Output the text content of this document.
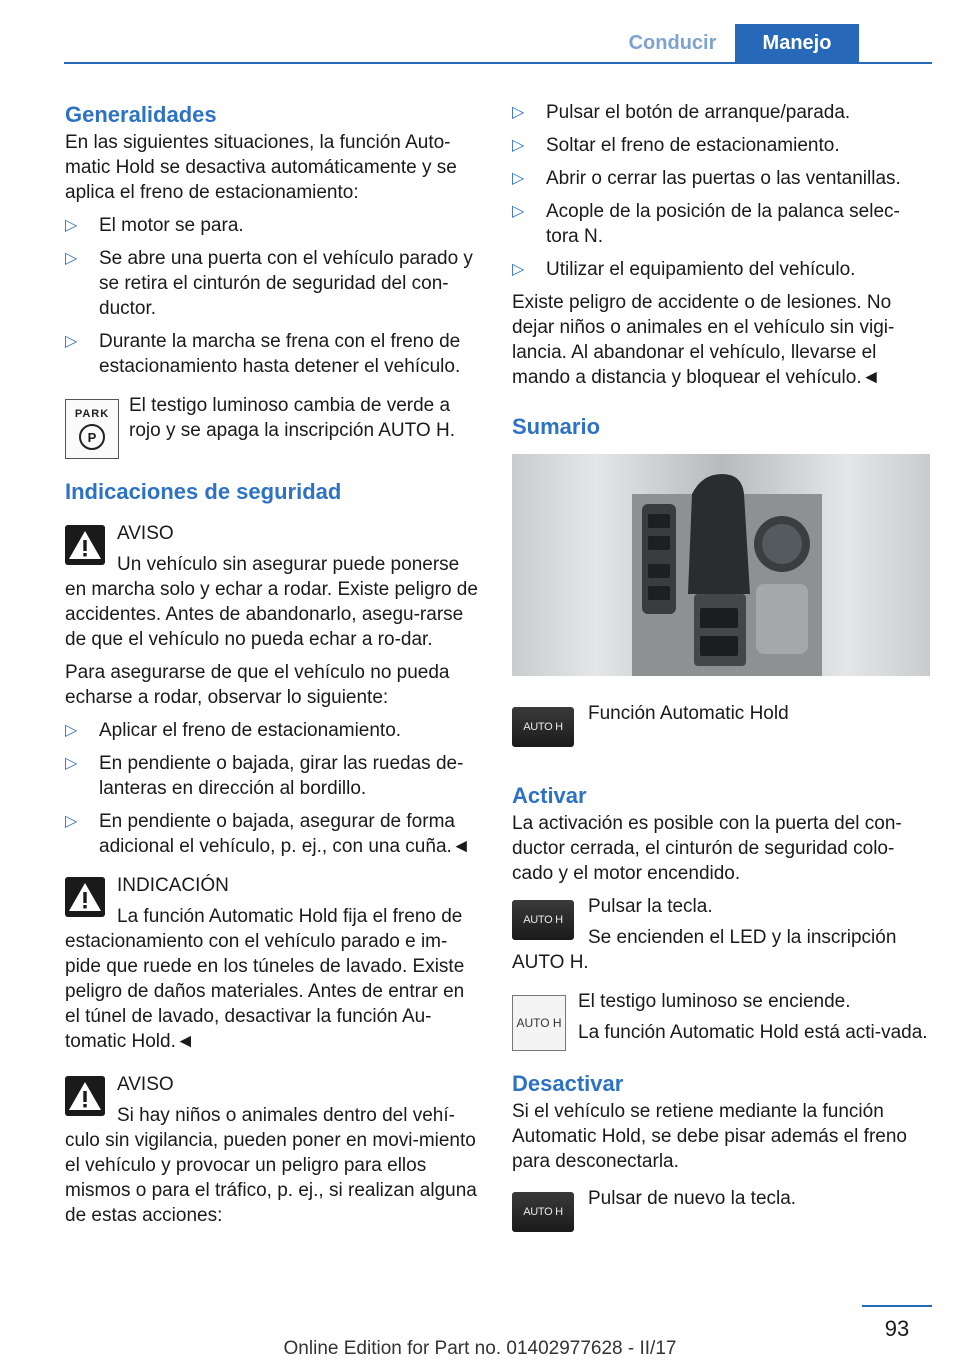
Conducir	Manejo
Generalidades

En las siguientes situaciones, la función Auto‐matic Hold se desactiva automáticamente y se aplica el freno de estacionamiento:

▷ El motor se para.
▷ Se abre una puerta con el vehículo parado y se retira el cinturón de seguridad del con‐ductor.
▷ Durante la marcha se frena con el freno de estacionamiento hasta detener el vehículo.
PARK
P

El testigo luminoso cambia de verde a rojo y se apaga la inscripción AUTO H.

Indicaciones de seguridad
AVISO
Un vehículo sin asegurar puede ponerse en marcha solo y echar a rodar. Existe peligro de accidentes. Antes de abandonarlo, asegu‐rarse de que el vehículo no pueda echar a ro‐dar.

Para asegurarse de que el vehículo no pueda echarse a rodar, observar lo siguiente:

▷ Aplicar el freno de estacionamiento.
▷ En pendiente o bajada, girar las ruedas de‐lanteras en dirección al bordillo.
▷ En pendiente o bajada, asegurar de forma adicional el vehículo, p. ej., con una cuña.◄
INDICACIÓN
La función Automatic Hold fija el freno de estacionamiento con el vehículo parado e im‐pide que ruede en los túneles de lavado. Existe peligro de daños materiales. Antes de entrar en el túnel de lavado, desactivar la función Au‐tomatic Hold.◄
AVISO
Si hay niños o animales dentro del vehí‐culo sin vigilancia, pueden poner en movi‐miento el vehículo y provocar un peligro para ellos mismos o para el tráfico, p. ej., si realizan alguna de estas acciones:
▷ Pulsar el botón de arranque/parada.
▷ Soltar el freno de estacionamiento.
▷ Abrir o cerrar las puertas o las ventanillas.
▷ Acople de la posición de la palanca selec‐tora N.
▷ Utilizar el equipamiento del vehículo.

Existe peligro de accidente o de lesiones. No dejar niños o animales en el vehículo sin vigi‐lancia. Al abandonar el vehículo, llevarse el mando a distancia y bloquear el vehículo.◄

Sumario
AUTO H

Función Automatic Hold

Activar

La activación es posible con la puerta del con‐ductor cerrada, el cinturón de seguridad colo‐cado y el motor encendido.

AUTO H

Pulsar la tecla.

Se encienden el LED y la inscripción AUTO H.

AUTO H

El testigo luminoso se enciende.

La función Automatic Hold está acti‐vada.

Desactivar

Si el vehículo se retiene mediante la función Automatic Hold, se debe pisar además el freno para desconectarla.

AUTO H

Pulsar de nuevo la tecla.

93
Online Edition for Part no. 01402977628 - II/17
